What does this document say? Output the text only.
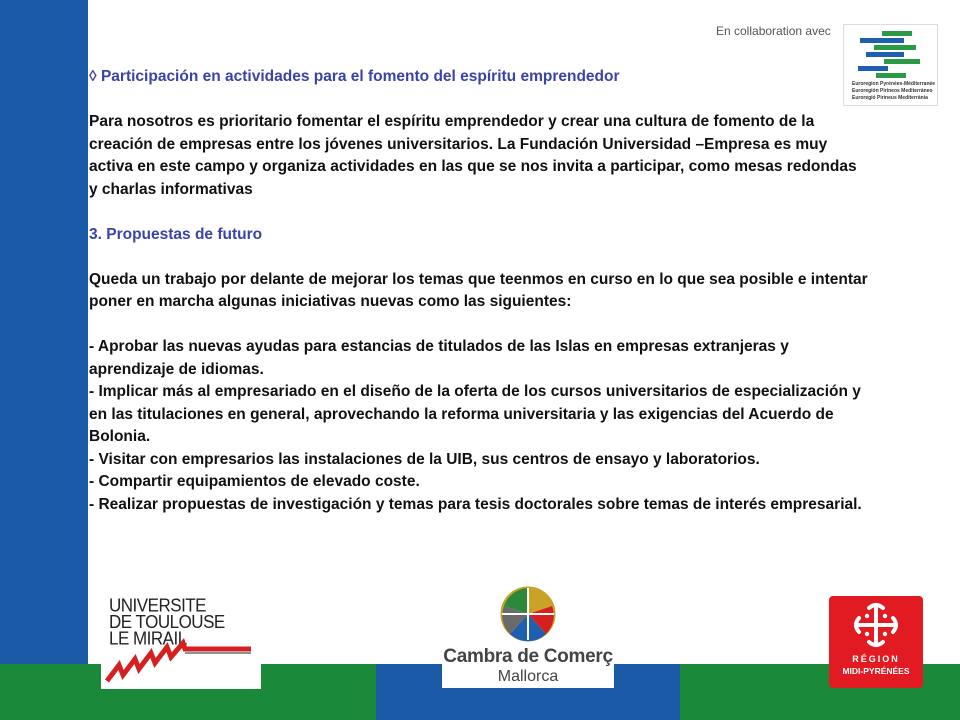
En collaboration avec
Euroregion Pyrénées-Méditerranée
Euroregión Pirineos Mediterráneo
Euroregió Pirineus Mediterrània

◊ Participación en actividades para el fomento del espíritu emprendedor

Para nosotros es prioritario fomentar el espíritu emprendedor y crear una cultura de fomento de la creación de empresas entre los jóvenes universitarios. La Fundación Universidad –Empresa es muy activa en este campo y organiza actividades en las que se nos invita a participar, como mesas redondas y charlas informativas

3. Propuestas de futuro

Queda un trabajo por delante de mejorar los temas que teenmos en curso en lo que sea posible e intentar poner en marcha algunas iniciativas nuevas como las siguientes:

- Aprobar las nuevas ayudas para estancias de titulados de las Islas en empresas extranjeras y aprendizaje de idiomas.

- Implicar más al empresariado en el diseño de la oferta de los cursos universitarios de especialización y en las titulaciones en general, aprovechando la reforma universitaria y las exigencias del Acuerdo de Bolonia.

- Visitar con empresarios las instalaciones de la UIB, sus centros de ensayo y laboratorios.

- Compartir equipamientos de elevado coste.

- Realizar propuestas de investigación y temas para tesis doctorales sobre temas de interés empresarial.

UNIVERSITE
DE TOULOUSE
LE MIRAIL
Cambra de Comerç
Mallorca
RÉGION
MIDI-PYRÉNÉES
